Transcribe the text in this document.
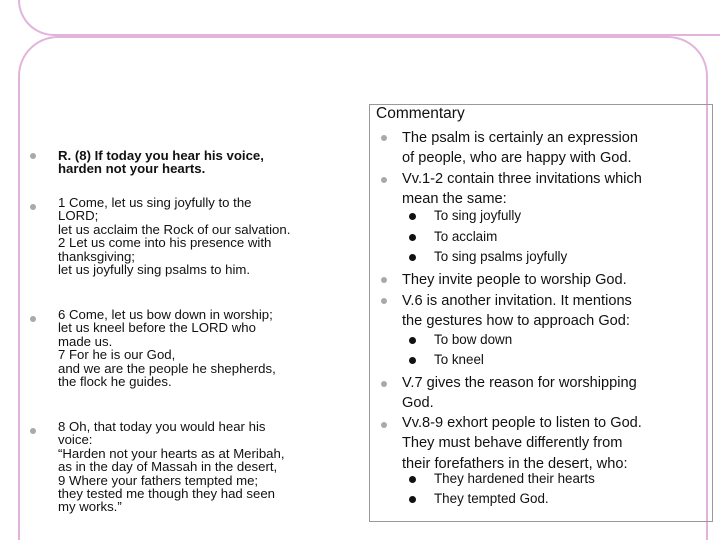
R. (8) If today you hear his voice,
harden not your hearts.
1 Come, let us sing joyfully to the
LORD;
let us acclaim the Rock of our salvation.
2 Let us come into his presence with
thanksgiving;
let us joyfully sing psalms to him.
6 Come, let us bow down in worship;
let us kneel before the LORD who
made us.
7 For he is our God,
and we are the people he shepherds,
the flock he guides.
8 Oh, that today you would hear his
voice:
“Harden not your hearts as at Meribah,
as in the day of Massah in the desert,
9 Where your fathers tempted me;
they tested me though they had seen
my works.”
Commentary
The psalm is certainly an expression
of people, who are happy with God.
Vv.1-2 contain three invitations which
mean the same:
To sing joyfully
To acclaim
To sing psalms joyfully
They invite people to worship God.
V.6 is another invitation. It mentions
the gestures how to approach God:
To bow down
To kneel
V.7 gives the reason for worshipping
God.
Vv.8-9 exhort people to listen to God.
They must behave differently from
their forefathers in the desert, who:
They hardened their hearts
They tempted God.
